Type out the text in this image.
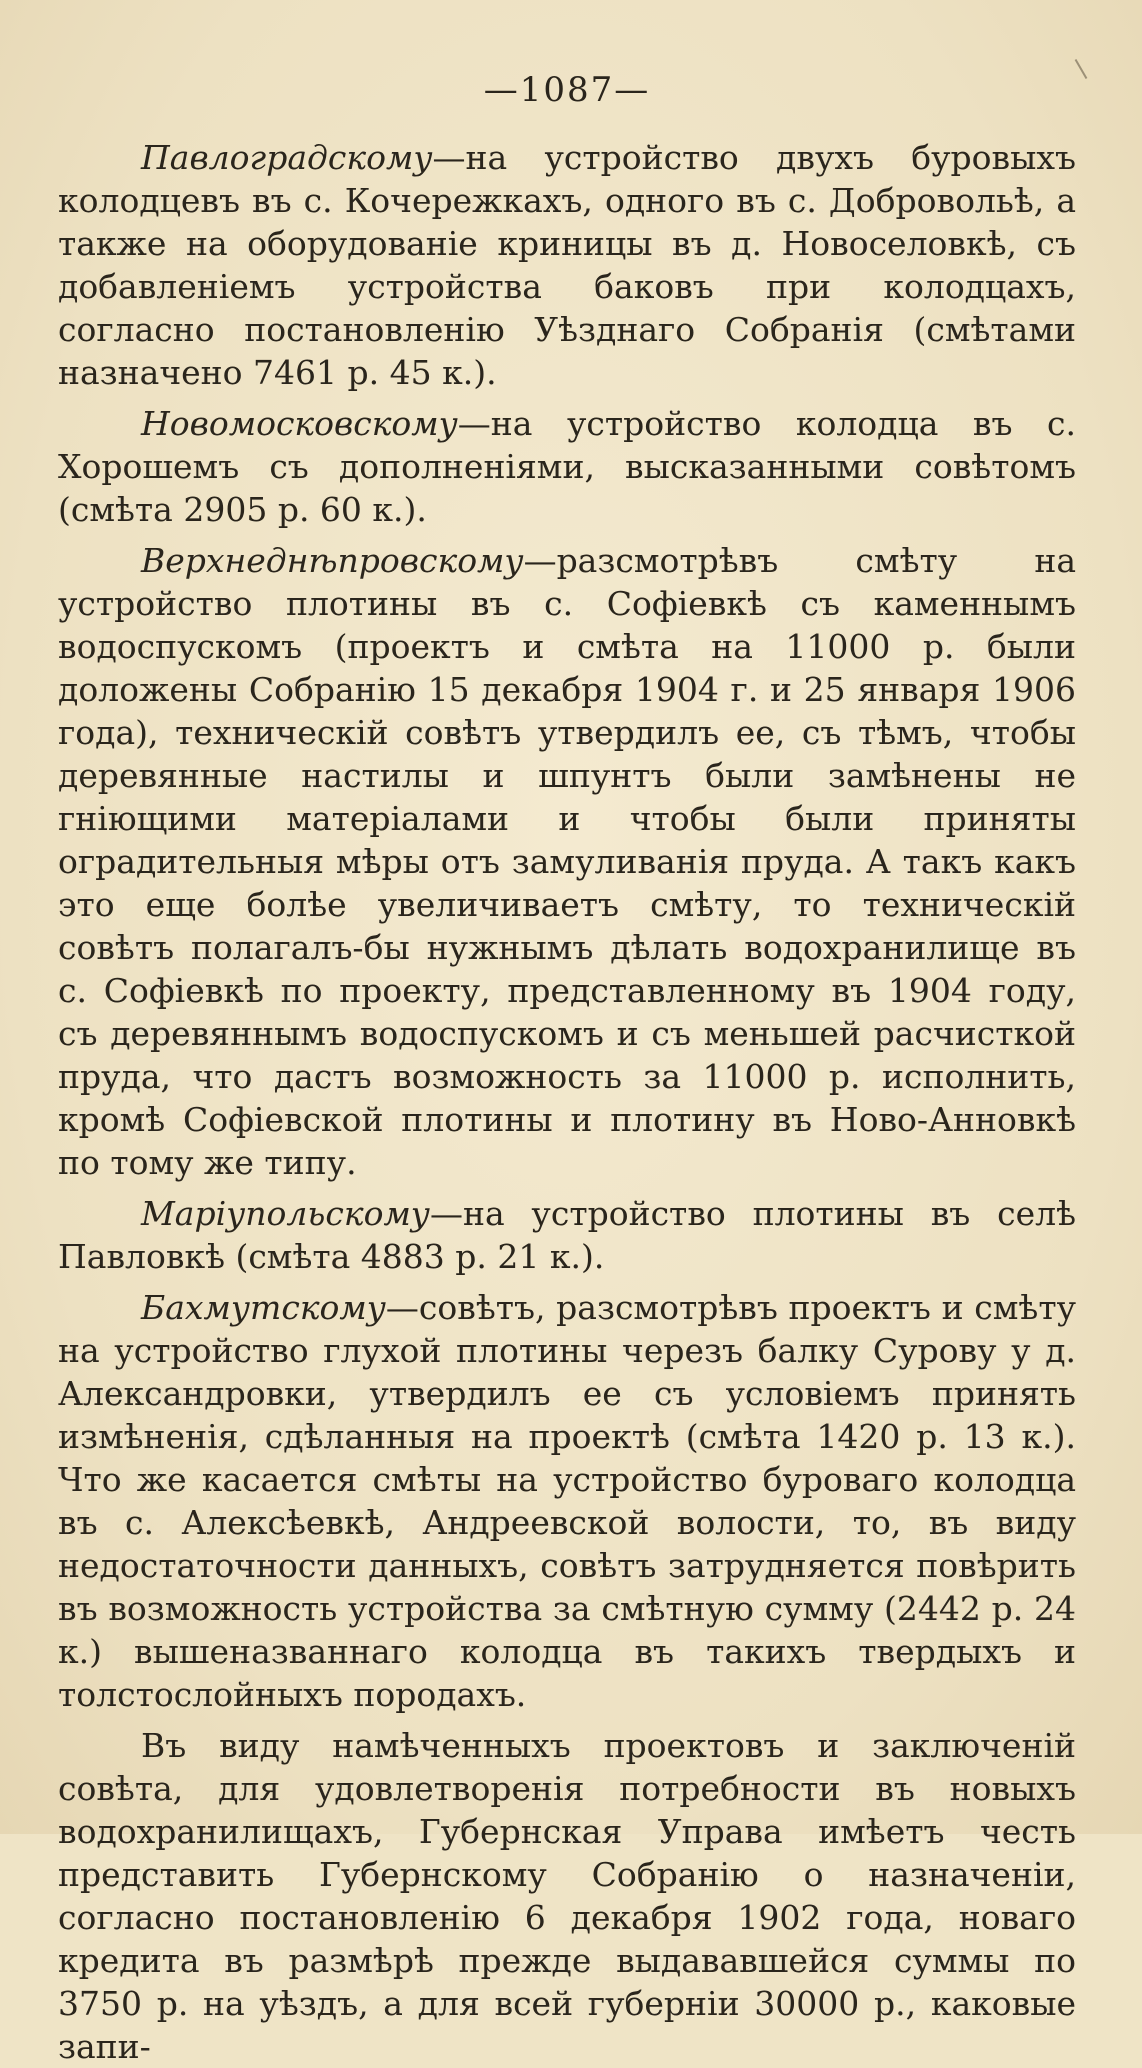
—1087—

Павлоградскому—на устройство двухъ буровыхъ колодцевъ въ с. Кочережкахъ, одного въ с. Добровольѣ, а также на оборудованіе криницы въ д. Новоселовкѣ, съ добавленіемъ устройства баковъ при колодцахъ, согласно постановленію Уѣзднаго Собранія (смѣтами назначено 7461 р. 45 к.).

Новомосковскому—на устройство колодца въ с. Хорошемъ съ дополненіями, высказанными совѣтомъ (смѣта 2905 р. 60 к.).

Верхнеднѣпровскому—разсмотрѣвъ смѣту на устройство плотины въ с. Софіевкѣ съ каменнымъ водоспускомъ (проектъ и смѣта на 11000 р. были доложены Собранію 15 декабря 1904 г. и 25 января 1906 года), техническій совѣтъ утвердилъ ее, съ тѣмъ, чтобы деревянные настилы и шпунтъ были замѣнены не гніющими матеріалами и чтобы были приняты оградительныя мѣры отъ замуливанія пруда. А такъ какъ это еще болѣе увеличиваетъ смѣту, то техническій совѣтъ полагалъ-бы нужнымъ дѣлать водохранилище въ с. Софіевкѣ по проекту, представленному въ 1904 году, съ деревяннымъ водоспускомъ и съ меньшей расчисткой пруда, что дастъ возможность за 11000 р. исполнить, кромѣ Софіевской плотины и плотину въ Ново-Анновкѣ по тому же типу.

Маріупольскому—на устройство плотины въ селѣ Павловкѣ (смѣта 4883 р. 21 к.).

Бахмутскому—совѣтъ, разсмотрѣвъ проектъ и смѣту на устройство глухой плотины черезъ балку Сурову у д. Александровки, утвердилъ ее съ условіемъ принять измѣненія, сдѣланныя на проектѣ (смѣта 1420 р. 13 к.). Что же касается смѣты на устройство буроваго колодца въ с. Алексѣевкѣ, Андреевской волости, то, въ виду недостаточности данныхъ, совѣтъ затрудняется повѣрить въ возможность устройства за смѣтную сумму (2442 р. 24 к.) вышеназваннаго колодца въ такихъ твердыхъ и толстослойныхъ породахъ.

Въ виду намѣченныхъ проектовъ и заключеній совѣта, для удовлетворенія потребности въ новыхъ водохранилищахъ, Губернская Управа имѣетъ честь представить Губернскому Собранію о назначеніи, согласно постановленію 6 декабря 1902 года, новаго кредита въ размѣрѣ прежде выдававшейся суммы по 3750 р. на уѣздъ, а для всей губерніи 30000 р., каковые запи-
